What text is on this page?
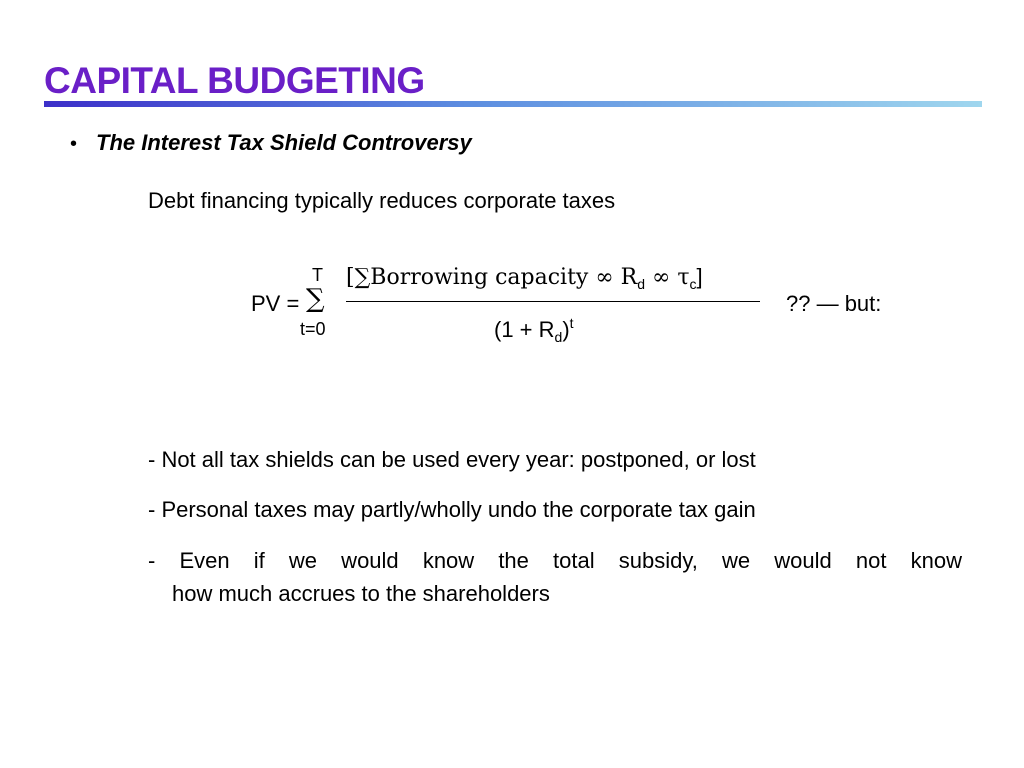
CAPITAL BUDGETING
• The Interest Tax Shield Controversy
Debt financing typically reduces corporate taxes
PV = ∑
T
t=0
[∑Borrowing capacity ∞ $R_d$ ∞ $\tau_c$]
$(1 + R_d)^t$
?? — but:
- Not all tax shields can be used every year: postponed, or lost
- Personal taxes may partly/wholly undo the corporate tax gain
- Even if we would know the total subsidy, we would not know
how much accrues to the shareholders
